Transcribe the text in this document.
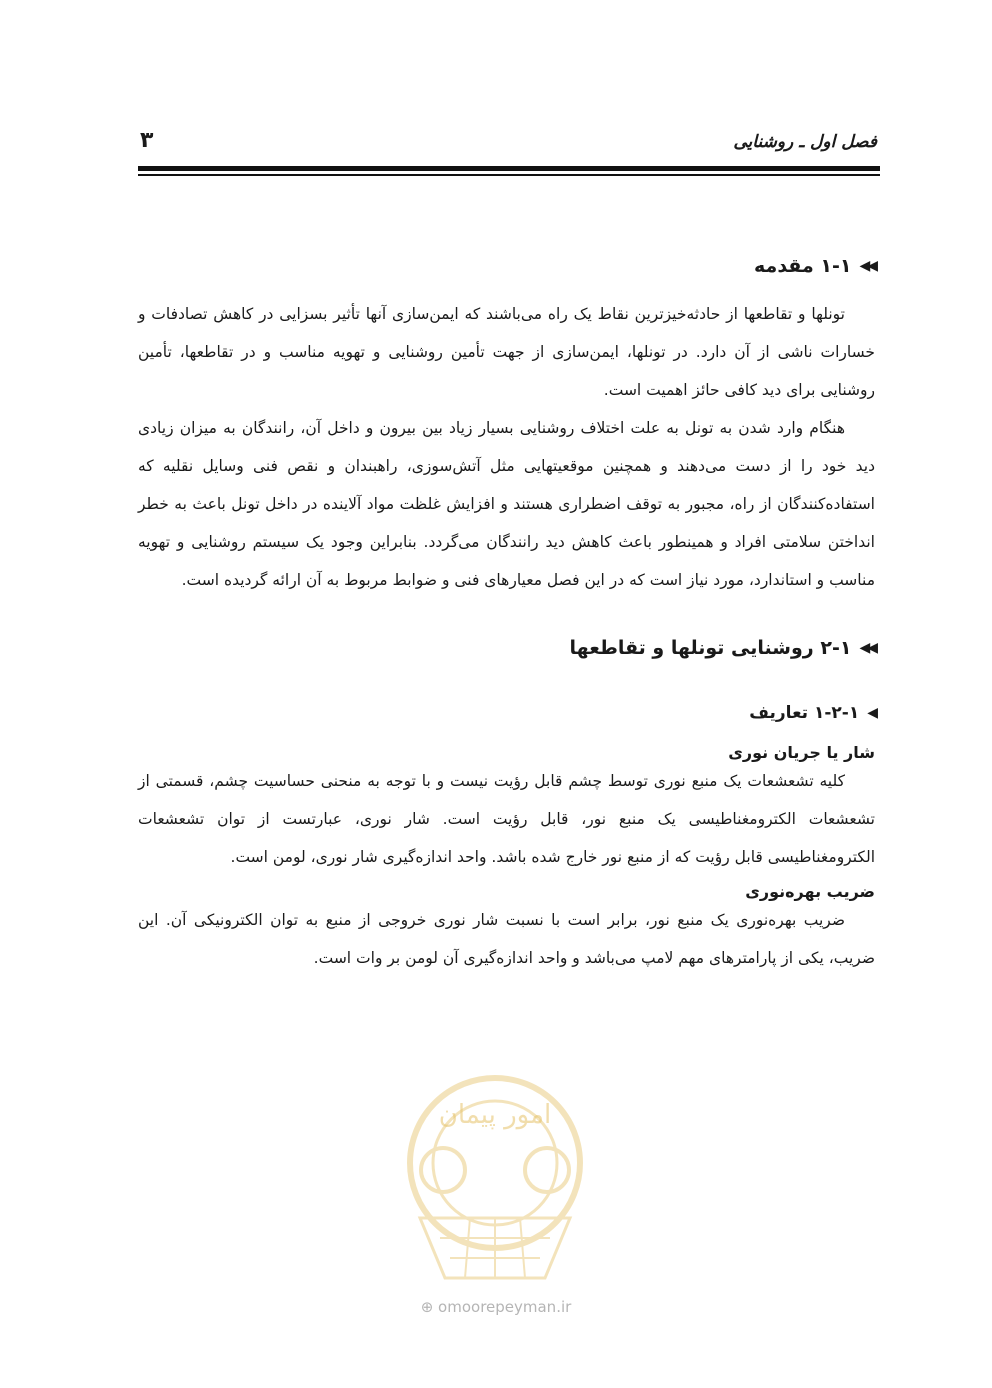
فصل اول ـ روشنایی
۳
◀◀
۱-۱ مقدمه

تونلها و تقاطعها از حادثه‌خیزترین نقاط یک راه می‌باشند که ایمن‌سازی آنها تأثیر بسزایی در کاهش تصادفات و خسارات ناشی از آن دارد. در تونلها، ایمن‌سازی از جهت تأمین روشنایی و تهویه مناسب و در تقاطعها، تأمین روشنایی برای دید کافی حائز اهمیت است.

هنگام وارد شدن به تونل به علت اختلاف روشنایی بسیار زیاد بین بیرون و داخل آن، رانندگان به میزان زیادی دید خود را از دست می‌دهند و همچنین موقعیتهایی مثل آتش‌سوزی، راهبندان و نقص فنی وسایل نقلیه که استفاده‌کنندگان از راه، مجبور به توقف اضطراری هستند و افزایش غلظت مواد آلاینده در داخل تونل باعث به خطر انداختن سلامتی افراد و همینطور باعث کاهش دید رانندگان می‌گردد. بنابراین وجود یک سیستم روشنایی و تهویه مناسب و استاندارد، مورد نیاز است که در این فصل معیارهای فنی و ضوابط مربوط به آن ارائه گردیده است.

◀◀
۲-۱ روشنایی تونلها و تقاطعها
◀
۱-۲-۱ تعاریف
شار یا جریان نوری

کلیه تشعشعات یک منبع نوری توسط چشم قابل رؤیت نیست و با توجه به منحنی حساسیت چشم، قسمتی از تشعشعات الکترومغناطیسی یک منبع نور، قابل رؤیت است. شار نوری، عبارتست از توان تشعشعات الکترومغناطیسی قابل رؤیت که از منبع نور خارج شده باشد. واحد اندازه‌گیری شار نوری، لومن است.

ضریب بهره‌نوری

ضریب بهره‌نوری یک منبع نور، برابر است با نسبت شار نوری خروجی از منبع به توان الکترونیکی آن. این ضریب، یکی از پارامترهای مهم لامپ می‌باشد و واحد اندازه‌گیری آن لومن بر وات است.

امور پیمان
⊕ omoorepeyman.ir
